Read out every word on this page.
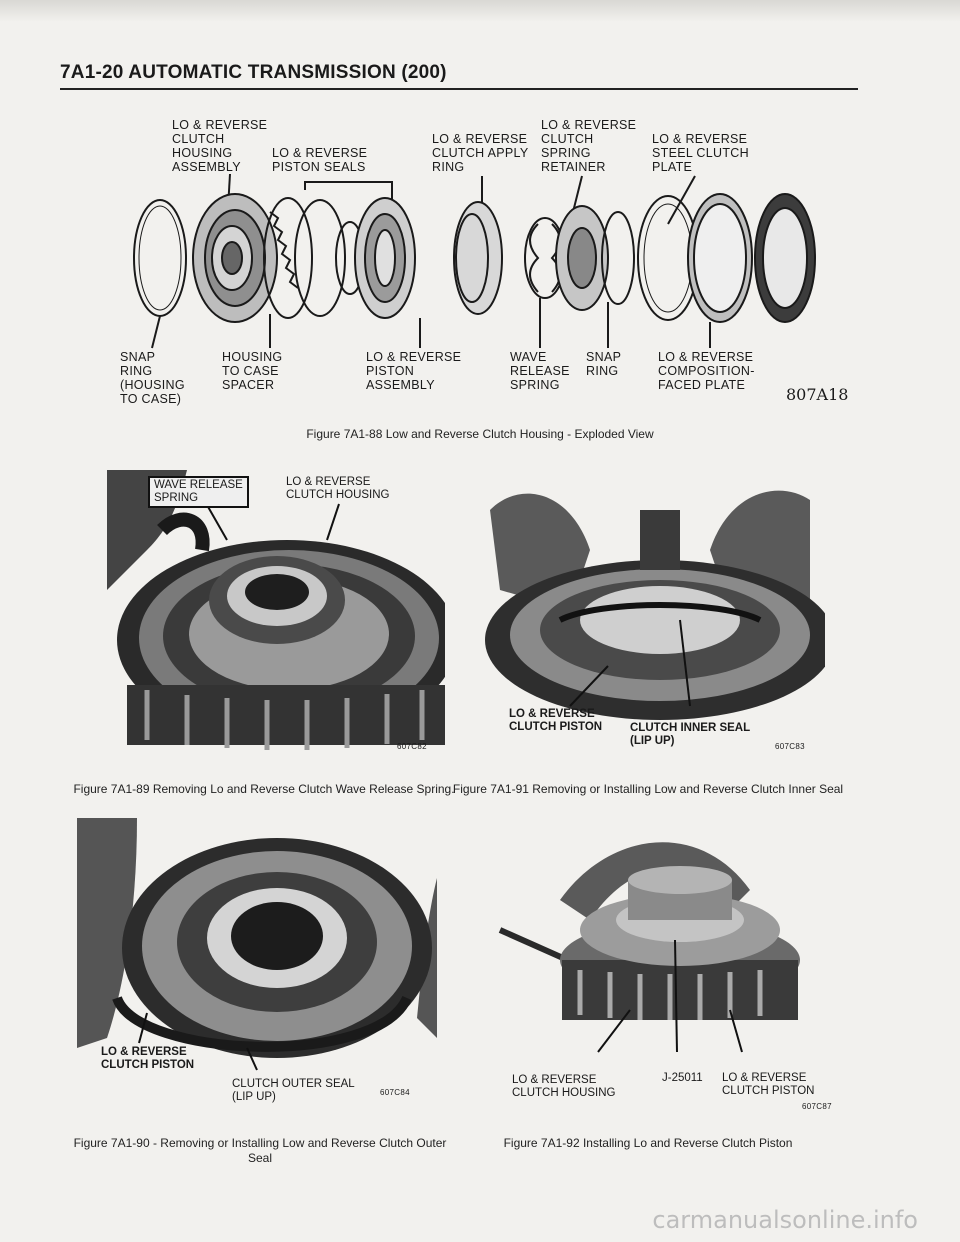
7A1-20 AUTOMATIC TRANSMISSION (200)
LO & REVERSE
CLUTCH
HOUSING
ASSEMBLY
LO & REVERSE
PISTON SEALS
LO & REVERSE
CLUTCH APPLY
RING
LO & REVERSE
CLUTCH
SPRING
RETAINER
LO & REVERSE
STEEL CLUTCH
PLATE
SNAP
RING
(HOUSING
TO CASE)
HOUSING
TO CASE
SPACER
LO & REVERSE
PISTON
ASSEMBLY
WAVE
RELEASE
SPRING
SNAP
RING
LO & REVERSE
COMPOSITION-
FACED PLATE	807A18
Figure 7A1-88 Low and Reverse Clutch Housing - Exploded View
WAVE RELEASE
SPRING
LO & REVERSE
CLUTCH HOUSING
607C82
Figure 7A1-89 Removing Lo and Reverse Clutch Wave Release Spring.
LO & REVERSE
CLUTCH PISTON CLUTCH INNER SEAL
(LIP UP)	607C83
Figure 7A1-91 Removing or Installing Low and Reverse Clutch Inner Seal
LO & REVERSE
CLUTCH PISTON
CLUTCH OUTER SEAL
(LIP UP)	607C84
Figure 7A1-90 - Removing or Installing Low and Reverse Clutch Outer Seal
LO & REVERSE
CLUTCH HOUSING
J-25011 LO & REVERSE
CLUTCH PISTON
607C87
Figure 7A1-92 Installing Lo and Reverse Clutch Piston
carmanualsonline.info
